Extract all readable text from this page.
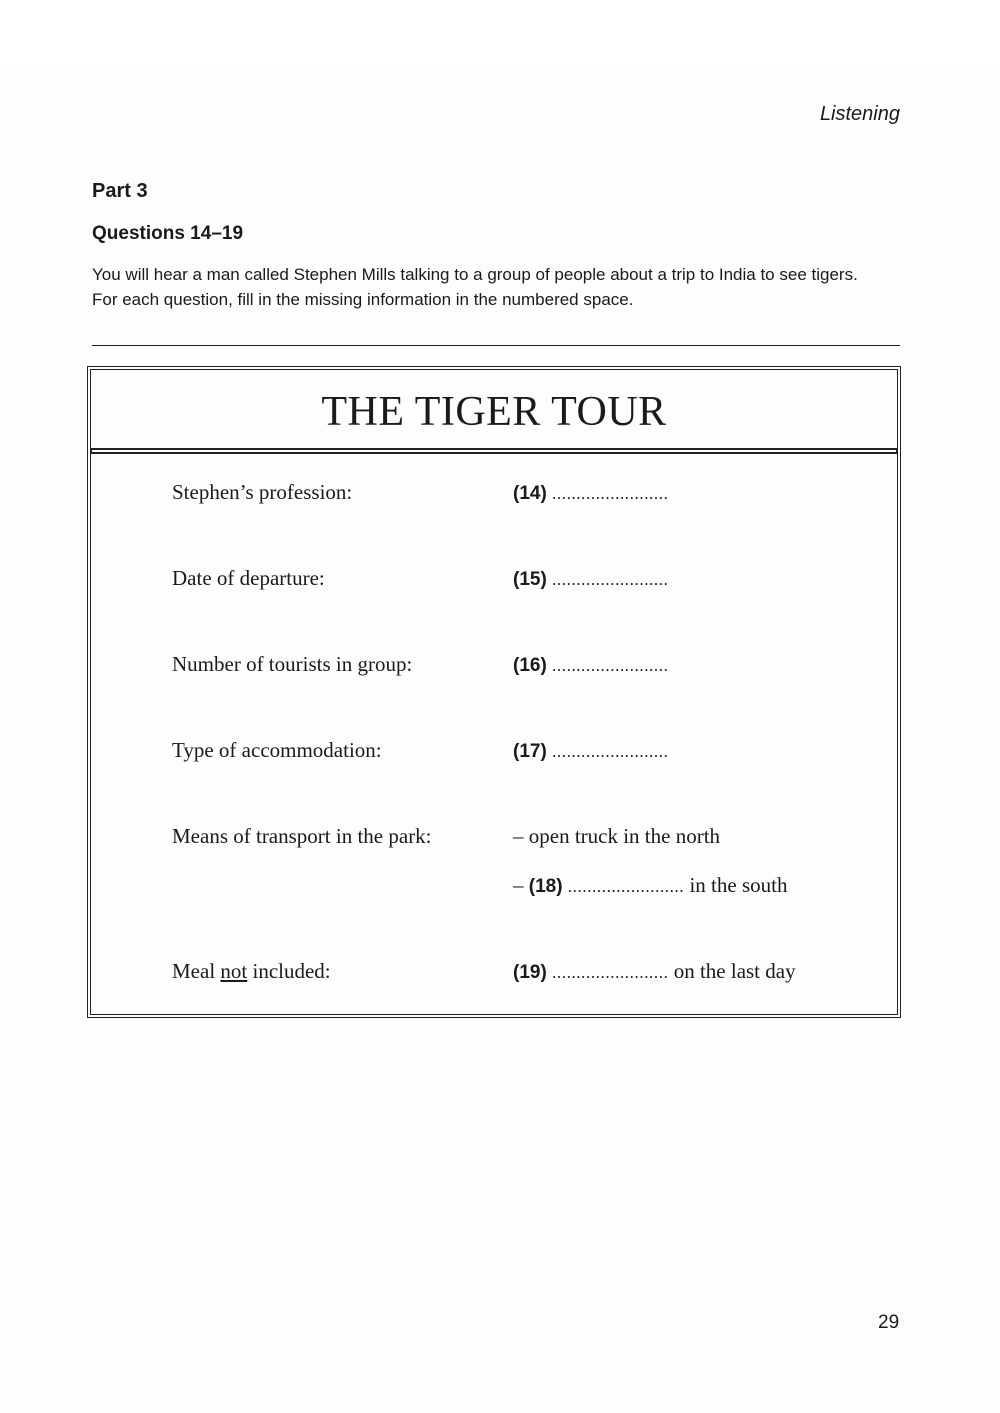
Listening
Part 3
Questions 14–19

You will hear a man called Stephen Mills talking to a group of people about a trip to India to see tigers.

For each question, fill in the missing information in the numbered space.

THE TIGER TOUR
Stephen’s profession:	(14) ........................
Date of departure:	(15) ........................
Number of tourists in group:	(16) ........................
Type of accommodation:	(17) ........................
Means of transport in the park:	– open truck in the north
– (18) ........................ in the south
Meal not included:	(19) ........................ on the last day
29
